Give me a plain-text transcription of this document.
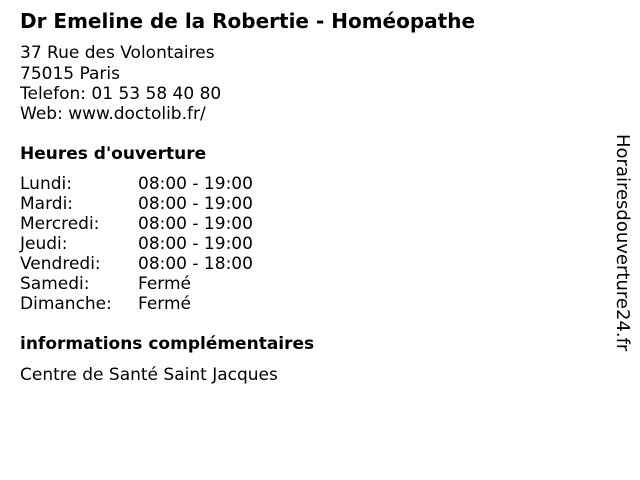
Dr Emeline de la Robertie - Homéopathe
37 Rue des Volontaires
75015 Paris
Telefon: 01 53 58 40 80
Web: www.doctolib.fr/
Heures d'ouverture
Lundi:	08:00 - 19:00
Mardi:	08:00 - 19:00
Mercredi:	08:00 - 19:00
Jeudi:	08:00 - 19:00
Vendredi:	08:00 - 18:00
Samedi:	Fermé
Dimanche:	Fermé
informations complémentaires
Centre de Santé Saint Jacques
Horairesdouverture24.fr
